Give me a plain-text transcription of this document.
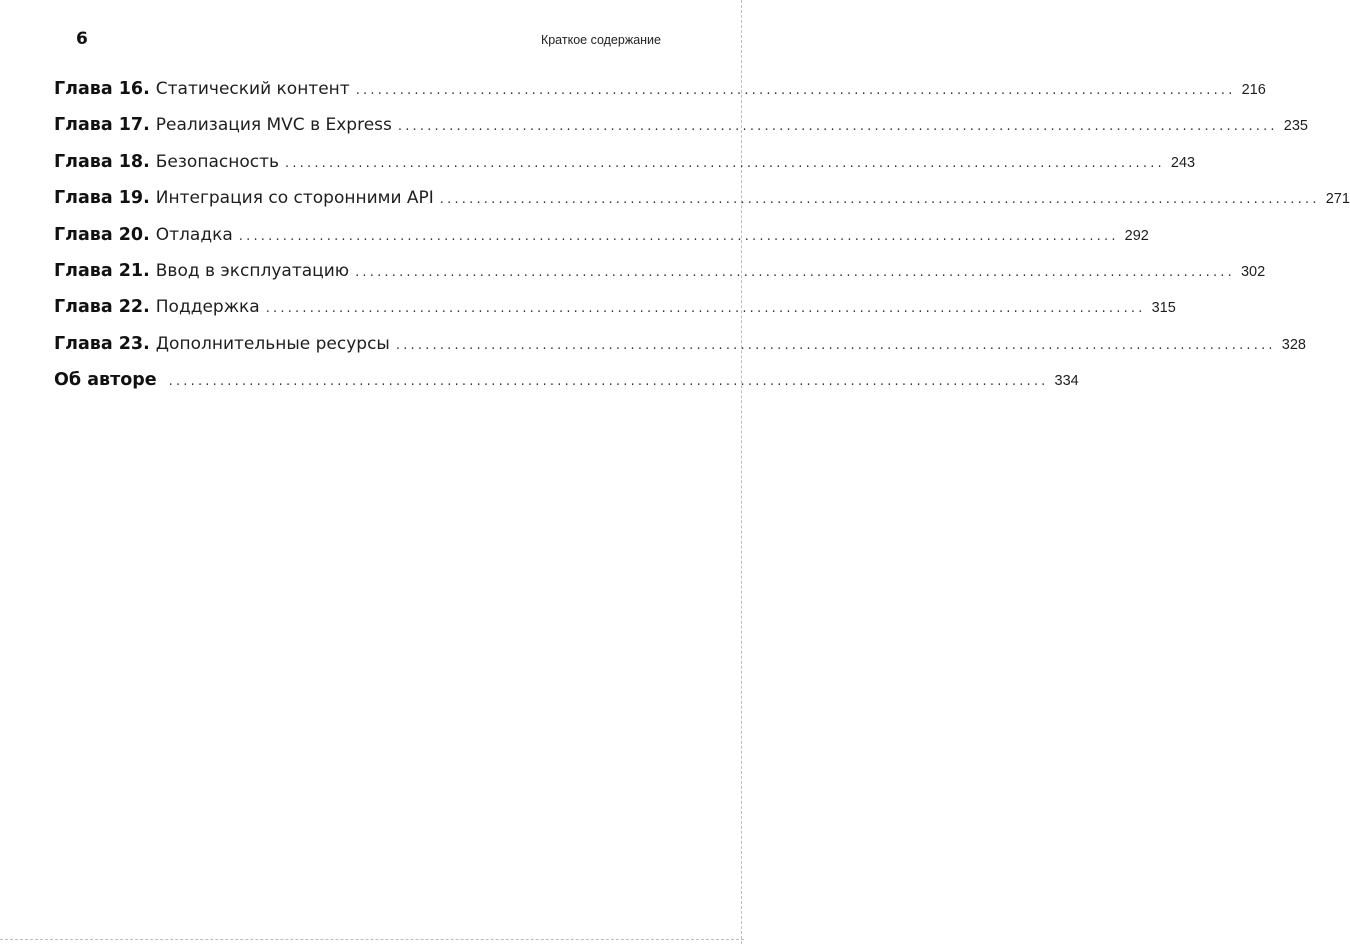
6	Краткое содержание
Глава 16. Статический контент ........................................................................................................................ 216
Глава 17. Реализация MVC в Express ........................................................................................................................ 235
Глава 18. Безопасность ........................................................................................................................ 243
Глава 19. Интеграция со сторонними API ........................................................................................................................ 271
Глава 20. Отладка ........................................................................................................................ 292
Глава 21. Ввод в эксплуатацию ........................................................................................................................ 302
Глава 22. Поддержка ........................................................................................................................ 315
Глава 23. Дополнительные ресурсы ........................................................................................................................ 328
Об авторе ........................................................................................................................ 334
